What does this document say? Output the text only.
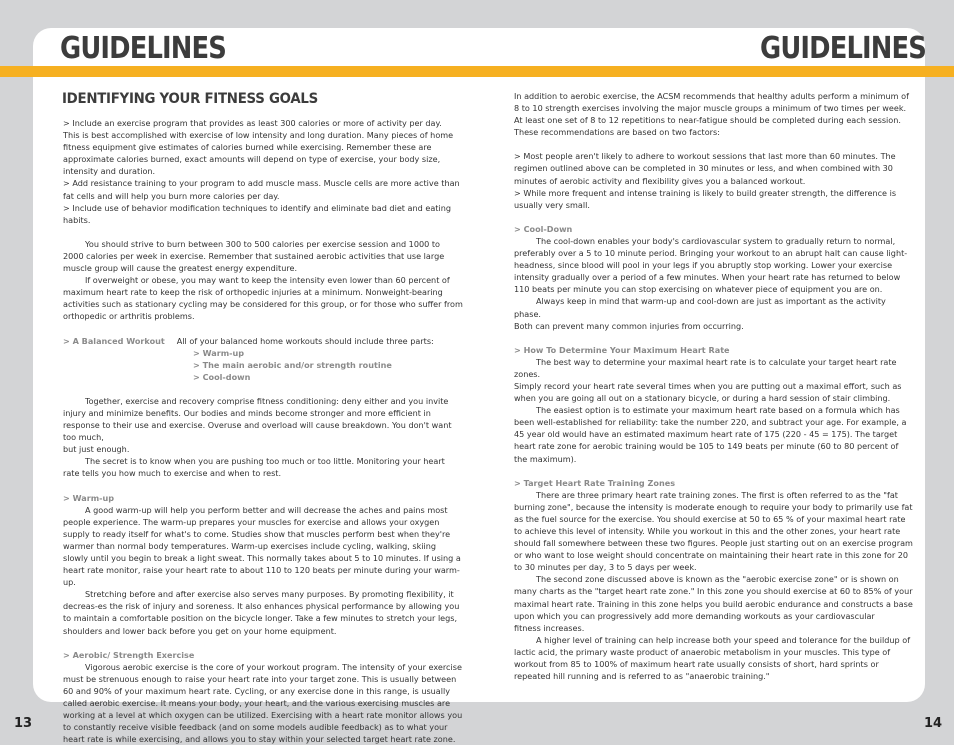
GUIDELINES	GUIDELINES
IDENTIFYING YOUR FITNESS GOALS

> Include an exercise program that provides as least 300 calories or more of activity per day.
This is best accomplished with exercise of low intensity and long duration. Many pieces of home fitness equipment give estimates of calories burned while exercising. Remember these are approximate calories burned, exact amounts will depend on type of exercise, your body size, intensity and duration.

> Add resistance training to your program to add muscle mass. Muscle cells are more active than fat cells and will help you burn more calories per day.

> Include use of behavior modification techniques to identify and eliminate bad diet and eating habits.

You should strive to burn between 300 to 500 calories per exercise session and 1000 to 2000 calories per week in exercise. Remember that sustained aerobic activities that use large muscle group will cause the greatest energy expenditure.

If overweight or obese, you may want to keep the intensity even lower than 60 percent of maximum heart rate to keep the risk of orthopedic injuries at a minimum. Nonweight-bearing activities such as stationary cycling may be considered for this group, or for those who suffer from orthopedic or arthritis problems.

> A Balanced Workout All of your balanced home workouts should include three parts:
> Warm-up
> The main aerobic and/or strength routine
> Cool-down

Together, exercise and recovery comprise fitness conditioning: deny either and you invite injury and minimize benefits. Our bodies and minds become stronger and more efficient in response to their use and exercise. Overuse and overload will cause breakdown. You don't want too much,
but just enough.

The secret is to know when you are pushing too much or too little. Monitoring your heart rate tells you how much to exercise and when to rest.

> Warm-up

A good warm-up will help you perform better and will decrease the aches and pains most people experience. The warm-up prepares your muscles for exercise and allows your oxygen supply to ready itself for what's to come. Studies show that muscles perform best when they're warmer than normal body temperatures. Warm-up exercises include cycling, walking, skiing slowly until you begin to break a light sweat. This normally takes about 5 to 10 minutes. If using a heart rate monitor, raise your heart rate to about 110 to 120 beats per minute during your warm-up.

Stretching before and after exercise also serves many purposes. By promoting flexibility, it decreas-es the risk of injury and soreness. It also enhances physical performance by allowing you to maintain a comfortable position on the bicycle longer. Take a few minutes to stretch your legs,
shoulders and lower back before you get on your home equipment.

> Aerobic/ Strength Exercise

Vigorous aerobic exercise is the core of your workout program. The intensity of your exercise must be strenuous enough to raise your heart rate into your target zone. This is usually between 60 and 90% of your maximum heart rate. Cycling, or any exercise done in this range, is usually called aerobic exercise. It means your body, your heart, and the various exercising muscles are working at a level at which oxygen can be utilized. Exercising with a heart rate monitor allows you to constantly receive visible feedback (and on some models audible feedback) as to what your heart rate is while exercising, and allows you to stay within your selected target heart rate zone.

In addition to aerobic exercise, the ACSM recommends that healthy adults perform a minimum of 8 to 10 strength exercises involving the major muscle groups a minimum of two times per week. At least one set of 8 to 12 repetitions to near-fatigue should be completed during each session.
These recommendations are based on two factors:

> Most people aren't likely to adhere to workout sessions that last more than 60 minutes. The regimen outlined above can be completed in 30 minutes or less, and when combined with 30 minutes of aerobic activity and flexibility gives you a balanced workout.

> While more frequent and intense training is likely to build greater strength, the difference is usually very small.

> Cool-Down

The cool-down enables your body's cardiovascular system to gradually return to normal, preferably over a 5 to 10 minute period. Bringing your workout to an abrupt halt can cause light-headness, since blood will pool in your legs if you abruptly stop working. Lower your exercise intensity gradually over a period of a few minutes. When your heart rate has returned to below 110 beats per minute you can stop exercising on whatever piece of equipment you are on.

Always keep in mind that warm-up and cool-down are just as important as the activity phase.
Both can prevent many common injuries from occurring.

> How To Determine Your Maximum Heart Rate

The best way to determine your maximal heart rate is to calculate your target heart rate zones.
Simply record your heart rate several times when you are putting out a maximal effort, such as when you are going all out on a stationary bicycle, or during a hard session of stair climbing.

The easiest option is to estimate your maximum heart rate based on a formula which has been well-established for reliability: take the number 220, and subtract your age. For example, a 45 year old would have an estimated maximum heart rate of 175 (220 - 45 = 175). The target heart rate zone for aerobic training would be 105 to 149 beats per minute (60 to 80 percent of
the maximum).

> Target Heart Rate Training Zones

There are three primary heart rate training zones. The first is often referred to as the "fat burning zone", because the intensity is moderate enough to require your body to primarily use fat as the fuel source for the exercise. You should exercise at 50 to 65 % of your maximal heart rate to achieve this level of intensity. While you workout in this and the other zones, your heart rate should fall somewhere between these two figures. People just starting out on an exercise program or who want to lose weight should concentrate on maintaining their heart rate in this zone for 20 to 30 minutes per day, 3 to 5 days per week.

The second zone discussed above is known as the "aerobic exercise zone" or is shown on many charts as the "target heart rate zone." In this zone you should exercise at 60 to 85% of your maximal heart rate. Training in this zone helps you build aerobic endurance and constructs a base upon which you can progressively add more demanding workouts as your cardiovascular
fitness increases.

A higher level of training can help increase both your speed and tolerance for the buildup of lactic acid, the primary waste product of anaerobic metabolism in your muscles. This type of workout from 85 to 100% of maximum heart rate usually consists of short, hard sprints or repeated hill running and is referred to as "anaerobic training."

13	14
